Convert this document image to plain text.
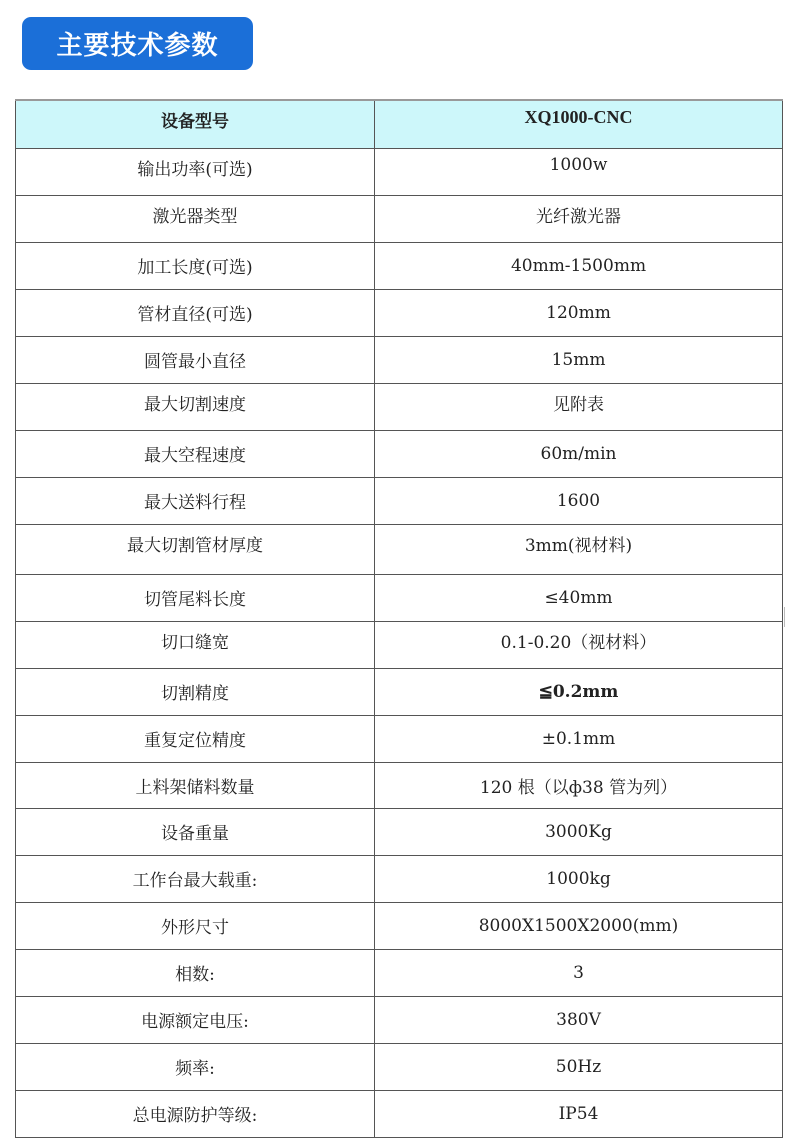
主要技术参数
设备型号	XQ1000-CNC
输出功率(可选)	1000w
激光器类型	光纤激光器
加工长度(可选)	40mm-1500mm
管材直径(可选)	120mm
圆管最小直径	15mm
最大切割速度	见附表
最大空程速度	60m/min
最大送料行程	1600
最大切割管材厚度	3mm(视材料)
切管尾料长度	≤40mm
切口缝宽	0.1-0.20（视材料）
切割精度	≦0.2mm
重复定位精度	±0.1mm
上料架储料数量	120 根（以ф38 管为列）
设备重量	3000Kg
工作台最大载重:	1000kg
外形尺寸	8000X1500X2000(mm)
相数:	3
电源额定电压:	380V
频率:	50Hz
总电源防护等级:	IP54
